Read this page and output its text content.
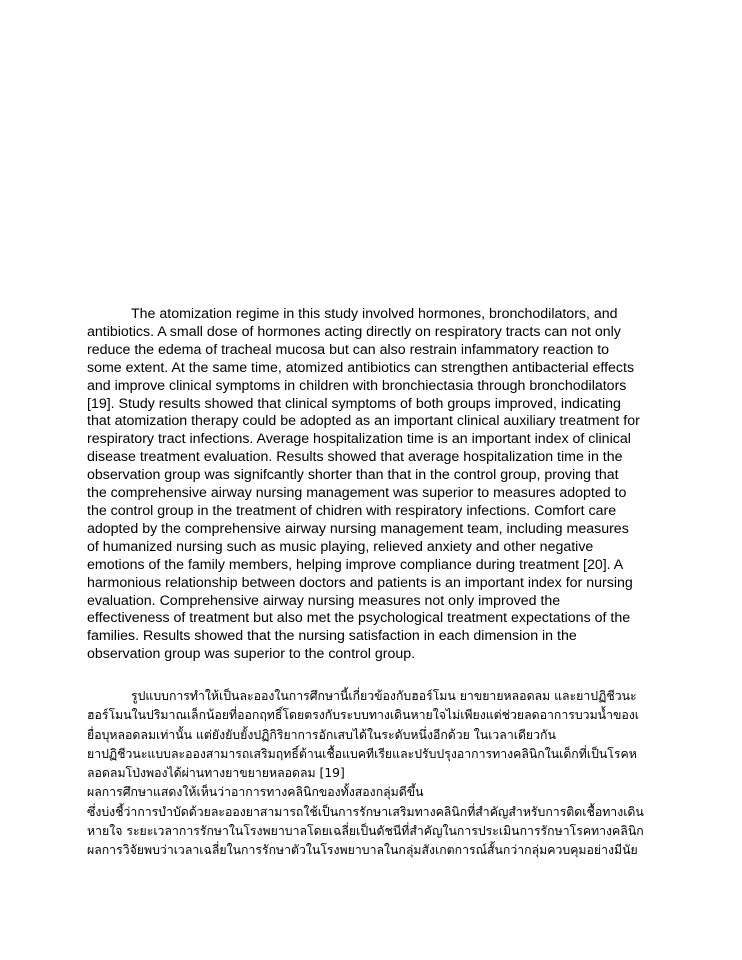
The atomization regime in this study involved hormones, bronchodilators, and
antibiotics. A small dose of hormones acting directly on respiratory tracts can not only
reduce the edema of tracheal mucosa but can also restrain infammatory reaction to
some extent. At the same time, atomized antibiotics can strengthen antibacterial effects
and improve clinical symptoms in children with bronchiectasia through bronchodilators
[19]. Study results showed that clinical symptoms of both groups improved, indicating
that atomization therapy could be adopted as an important clinical auxiliary treatment for
respiratory tract infections. Average hospitalization time is an important index of clinical
disease treatment evaluation. Results showed that average hospitalization time in the
observation group was signifcantly shorter than that in the control group, proving that
the comprehensive airway nursing management was superior to measures adopted to
the control group in the treatment of chidren with respiratory infections. Comfort care
adopted by the comprehensive airway nursing management team, including measures
of humanized nursing such as music playing, relieved anxiety and other negative
emotions of the family members, helping improve compliance during treatment [20]. A
harmonious relationship between doctors and patients is an important index for nursing
evaluation. Comprehensive airway nursing measures not only improved the
effectiveness of treatment but also met the psychological treatment expectations of the
families. Results showed that the nursing satisfaction in each dimension in the
observation group was superior to the control group.
รูปแบบการทำให้เป็นละอองในการศึกษานี้เกี่ยวข้องกับฮอร์โมน ยาขยายหลอดลม และยาปฏิชีวนะ
ฮอร์โมนในปริมาณเล็กน้อยที่ออกฤทธิ์โดยตรงกับระบบทางเดินหายใจไม่เพียงแต่ช่วยลดอาการบวมน้ำของเ
ยื่อบุหลอดลมเท่านั้น แต่ยังยับยั้งปฏิกิริยาการอักเสบได้ในระดับหนึ่งอีกด้วย ในเวลาเดียวกัน
ยาปฏิชีวนะแบบละอองสามารถเสริมฤทธิ์ต้านเชื้อแบคทีเรียและปรับปรุงอาการทางคลินิกในเด็กที่เป็นโรคห
ลอดลมโป่งพองได้ผ่านทางยาขยายหลอดลม [19]
ผลการศึกษาแสดงให้เห็นว่าอาการทางคลินิกของทั้งสองกลุ่มดีขึ้น
ซึ่งบ่งชี้ว่าการบำบัดด้วยละอองยาสามารถใช้เป็นการรักษาเสริมทางคลินิกที่สำคัญสำหรับการติดเชื้อทางเดิน
หายใจ ระยะเวลาการรักษาในโรงพยาบาลโดยเฉลี่ยเป็นดัชนีที่สำคัญในการประเมินการรักษาโรคทางคลินิก
ผลการวิจัยพบว่าเวลาเฉลี่ยในการรักษาตัวในโรงพยาบาลในกลุ่มสังเกตการณ์สั้นกว่ากลุ่มควบคุมอย่างมีนัย
